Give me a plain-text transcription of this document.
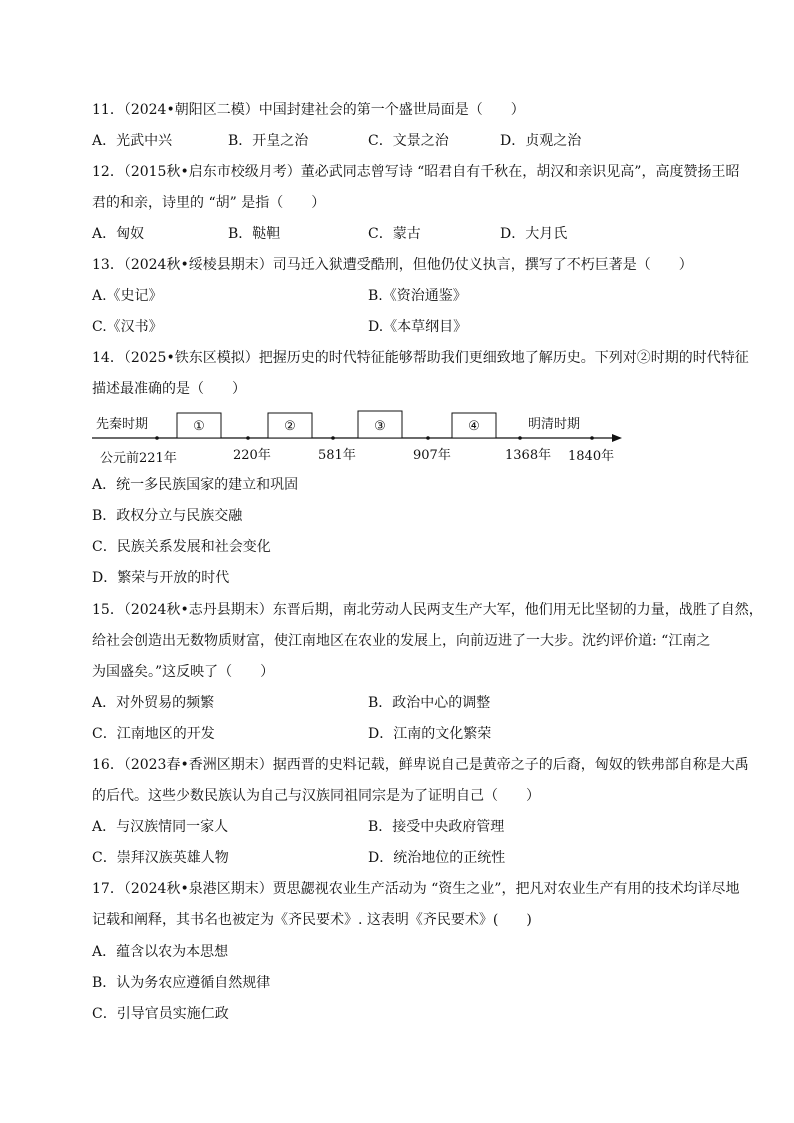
11．（2024•朝阳区二模）中国封建社会的第一个盛世局面是（　　）
A．光武中兴	B．开皇之治	C．文景之治	D．贞观之治
12．（2015秋•启东市校级月考）董必武同志曾写诗 “昭君自有千秋在，胡汉和亲识见高”，高度赞扬王昭
君的和亲，诗里的 “胡” 是指（　　）
A．匈奴	B．鞑靼	C．蒙古	D．大月氏
13．（2024秋•绥棱县期末）司马迁入狱遭受酷刑，但他仍仗义执言，撰写了不朽巨著是（　　）
A.《史记》	B.《资治通鉴》
C.《汉书》	D.《本草纲目》
14．（2025•铁东区模拟）把握历史的时代特征能够帮助我们更细致地了解历史。下列对②时期的时代特征
描述最准确的是（　　）
先秦时期	明清时期
①	②	③	④
公元前221年	220年	581年	907年	1368年 1840年
A．统一多民族国家的建立和巩固
B．政权分立与民族交融
C．民族关系发展和社会变化
D．繁荣与开放的时代
15．（2024秋•志丹县期末）东晋后期，南北劳动人民两支生产大军，他们用无比坚韧的力量，战胜了自然，
给社会创造出无数物质财富，使江南地区在农业的发展上，向前迈进了一大步。沈约评价道: “江南之
为国盛矣。”这反映了（　　）
A．对外贸易的频繁	B．政治中心的调整
C．江南地区的开发	D．江南的文化繁荣
16．（2023春•香洲区期末）据西晋的史料记载，鲜卑说自己是黄帝之子的后裔，匈奴的铁弗部自称是大禹
的后代。这些少数民族认为自己与汉族同祖同宗是为了证明自己（　　）
A．与汉族情同一家人	B．接受中央政府管理
C．崇拜汉族英雄人物	D．统治地位的正统性
17．（2024秋•泉港区期末）贾思勰视农业生产活动为 “资生之业”，把凡对农业生产有用的技术均详尽地
记载和阐释，其书名也被定为《齐民要术》. 这表明《齐民要术》(　　)
A．蕴含以农为本思想
B．认为务农应遵循自然规律
C．引导官员实施仁政
